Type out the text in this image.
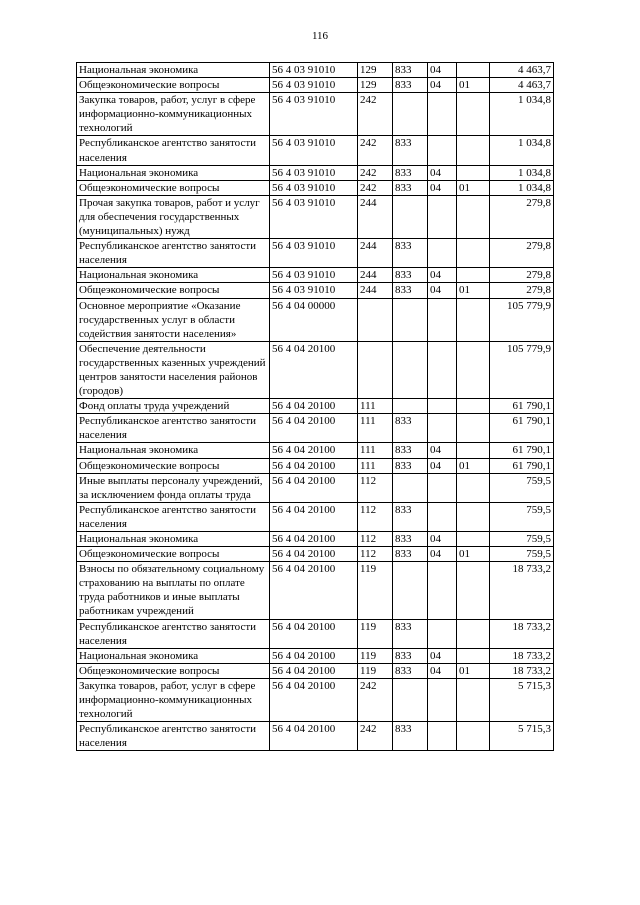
116
Национальная экономика	56 4 03 91010	129	833	04		4 463,7
Общеэкономические вопросы	56 4 03 91010	129	833	04	01	4 463,7
Закупка товаров, работ, услуг в сфере информационно-коммуникационных технологий	56 4 03 91010	242				1 034,8
Республиканское агентство занятости населения	56 4 03 91010	242	833			1 034,8
Национальная экономика	56 4 03 91010	242	833	04		1 034,8
Общеэкономические вопросы	56 4 03 91010	242	833	04	01	1 034,8
Прочая закупка товаров, работ и услуг для обеспечения государственных (муниципальных) нужд	56 4 03 91010	244				279,8
Республиканское агентство занятости населения	56 4 03 91010	244	833			279,8
Национальная экономика	56 4 03 91010	244	833	04		279,8
Общеэкономические вопросы	56 4 03 91010	244	833	04	01	279,8
Основное мероприятие «Оказание государственных услуг в области содействия занятости населения»	56 4 04 00000					105 779,9
Обеспечение деятельности государственных казенных учреждений центров занятости населения районов (городов)	56 4 04 20100					105 779,9
Фонд оплаты труда учреждений	56 4 04 20100	111				61 790,1
Республиканское агентство занятости населения	56 4 04 20100	111	833			61 790,1
Национальная экономика	56 4 04 20100	111	833	04		61 790,1
Общеэкономические вопросы	56 4 04 20100	111	833	04	01	61 790,1
Иные выплаты персоналу учреждений, за исключением фонда оплаты труда	56 4 04 20100	112				759,5
Республиканское агентство занятости населения	56 4 04 20100	112	833			759,5
Национальная экономика	56 4 04 20100	112	833	04		759,5
Общеэкономические вопросы	56 4 04 20100	112	833	04	01	759,5
Взносы по обязательному социальному страхованию на выплаты по оплате труда работников и иные выплаты работникам учреждений	56 4 04 20100	119				18 733,2
Республиканское агентство занятости населения	56 4 04 20100	119	833			18 733,2
Национальная экономика	56 4 04 20100	119	833	04		18 733,2
Общеэкономические вопросы	56 4 04 20100	119	833	04	01	18 733,2
Закупка товаров, работ, услуг в сфере информационно-коммуникационных технологий	56 4 04 20100	242				5 715,3
Республиканское агентство занятости населения	56 4 04 20100	242	833			5 715,3
